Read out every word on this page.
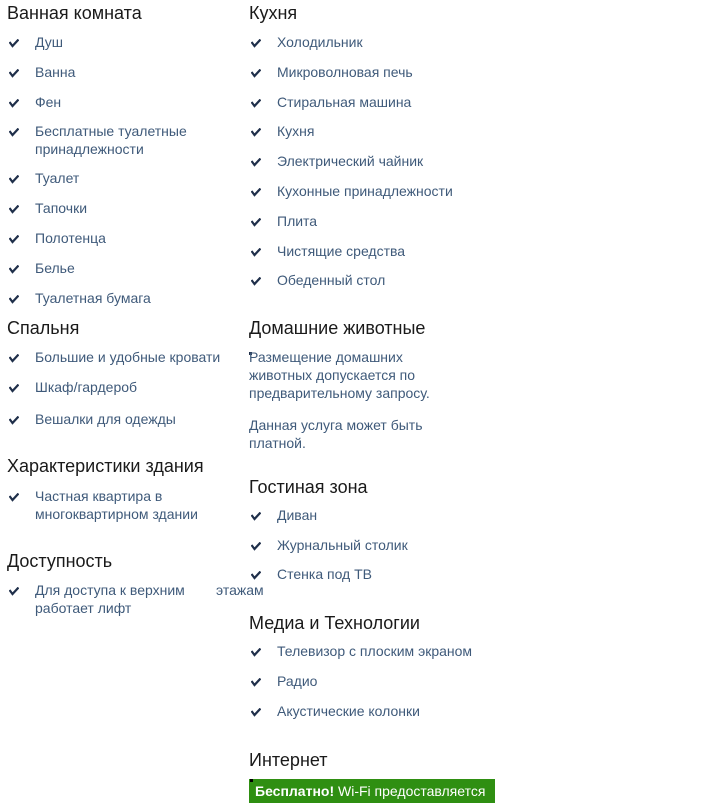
Ванная комната
Душ
Ванна
Фен
Бесплатные туалетные
принадлежности
Туалет
Тапочки
Полотенца
Белье
Туалетная бумага
Спальня
Большие и удобные кровати
Шкаф/гардероб
Вешалки для одежды
Характеристики здания
Частная квартира в
многоквартирном здании
Доступность
Для доступа к верхним этажам
работает лифт
Кухня
Холодильник
Микроволновая печь
Стиральная машина
Кухня
Электрический чайник
Кухонные принадлежности
Плита
Чистящие средства
Обеденный стол
Домашние животные
Размещение домашних
животных допускается по
предварительному запросу.
Данная услуга может быть
платной.
Гостиная зона
Диван
Журнальный столик
Стенка под ТВ
Медиа и Технологии
Телевизор с плоским экраном
Радио
Акустические колонки
Интернет
Бесплатно! Wi-Fi предоставляется
